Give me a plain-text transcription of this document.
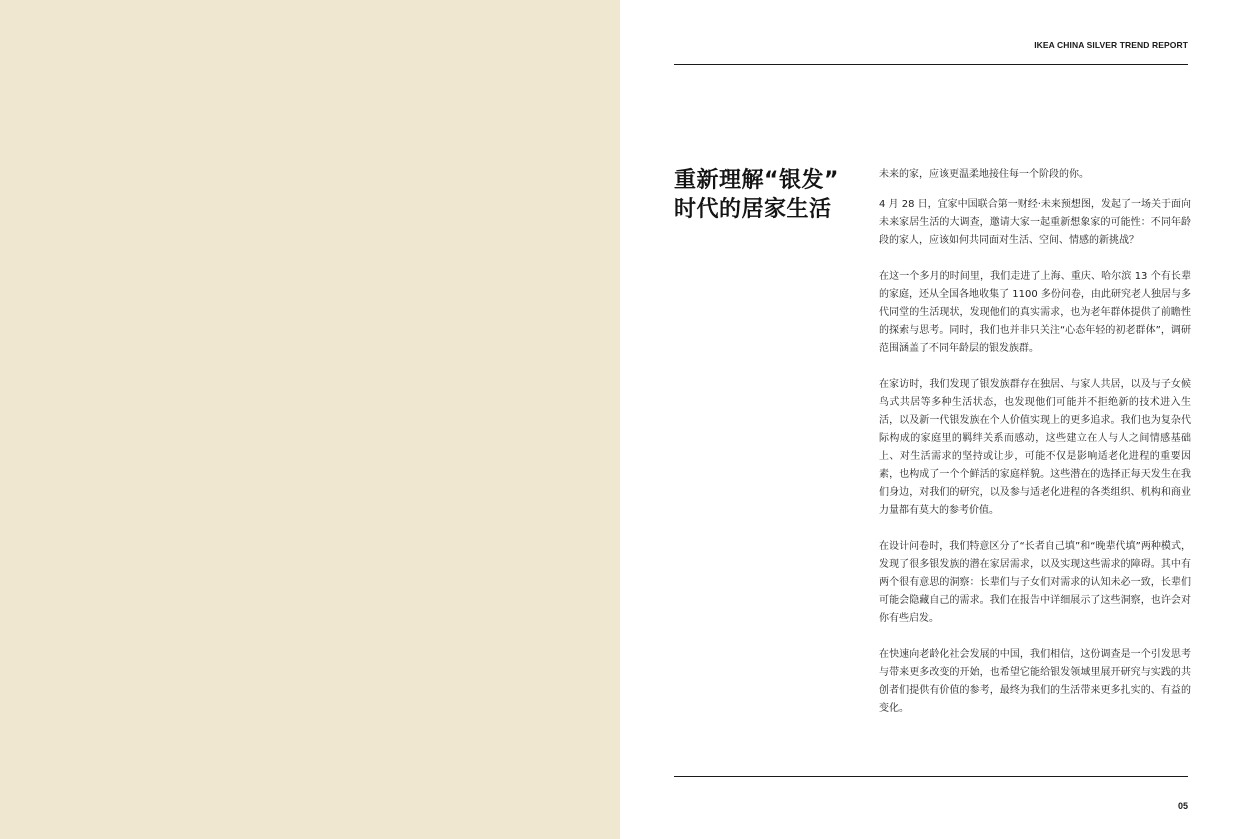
IKEA CHINA SILVER TREND REPORT
重新理解“银发”
时代的居家生活

未来的家，应该更温柔地接住每一个阶段的你。

4 月 28 日，宜家中国联合第一财经·未来预想图，发起了一场关于面向未来家居生活的大调查，邀请大家一起重新想象家的可能性：不同年龄段的家人，应该如何共同面对生活、空间、情感的新挑战？

在这一个多月的时间里，我们走进了上海、重庆、哈尔滨 13 个有长辈的家庭，还从全国各地收集了 1100 多份问卷，由此研究老人独居与多代同堂的生活现状，发现他们的真实需求，也为老年群体提供了前瞻性的探索与思考。同时，我们也并非只关注“心态年轻的初老群体”，调研范围涵盖了不同年龄层的银发族群。

在家访时，我们发现了银发族群存在独居、与家人共居，以及与子女候鸟式共居等多种生活状态，也发现他们可能并不拒绝新的技术进入生活，以及新一代银发族在个人价值实现上的更多追求。我们也为复杂代际构成的家庭里的羁绊关系而感动，这些建立在人与人之间情感基础上、对生活需求的坚持或让步，可能不仅是影响适老化进程的重要因素，也构成了一个个鲜活的家庭样貌。这些潜在的选择正每天发生在我们身边，对我们的研究，以及参与适老化进程的各类组织、机构和商业力量都有莫大的参考价值。

在设计问卷时，我们特意区分了“长者自己填”和“晚辈代填”两种模式，发现了很多银发族的潜在家居需求，以及实现这些需求的障碍。其中有两个很有意思的洞察：长辈们与子女们对需求的认知未必一致，长辈们可能会隐藏自己的需求。我们在报告中详细展示了这些洞察，也许会对你有些启发。

在快速向老龄化社会发展的中国，我们相信，这份调查是一个引发思考与带来更多改变的开始，也希望它能给银发领域里展开研究与实践的共创者们提供有价值的参考，最终为我们的生活带来更多扎实的、有益的变化。

05
